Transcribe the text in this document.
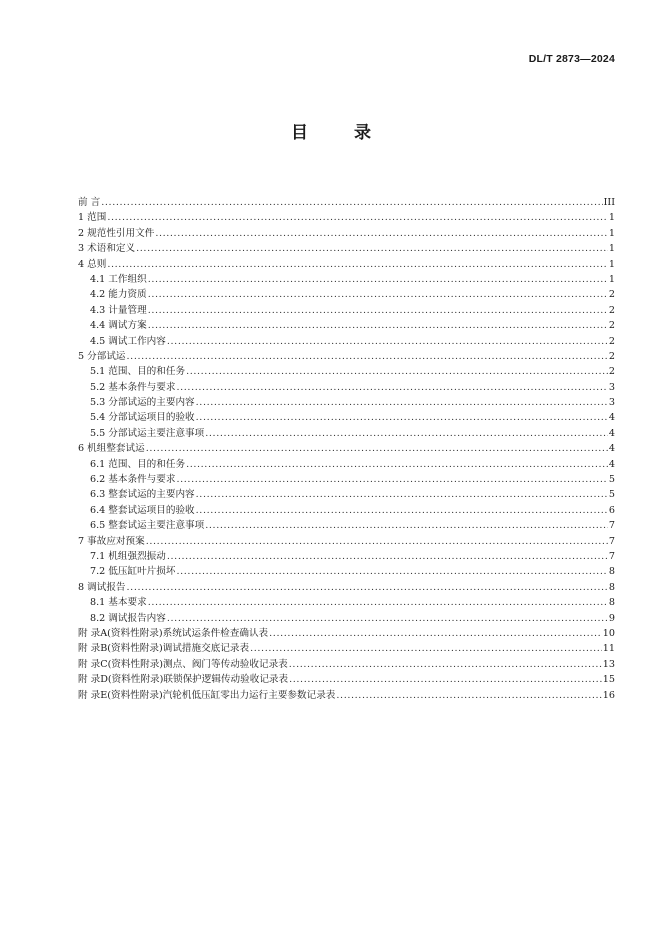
DL/T 2873—2024
目 录
前 言 .....	III
1 范围 .....	1
2 规范性引用文件 .....	1
3 术语和定义 .....	1
4 总则 .....	1
4.1 工作组织 .....	1
4.2 能力资质 .....	2
4.3 计量管理 .....	2
4.4 调试方案 .....	2
4.5 调试工作内容 .....	2
5 分部试运 .....	2
5.1 范围、目的和任务 .....	2
5.2 基本条件与要求 .....	3
5.3 分部试运的主要内容 .....	3
5.4 分部试运项目的验收 .....	4
5.5 分部试运主要注意事项 .....	4
6 机组整套试运 .....	4
6.1 范围、目的和任务 .....	4
6.2 基本条件与要求 .....	5
6.3 整套试运的主要内容 .....	5
6.4 整套试运项目的验收 .....	6
6.5 整套试运主要注意事项 .....	7
7 事故应对预案 .....	7
7.1 机组强烈振动 .....	7
7.2 低压缸叶片损坏 .....	8
8 调试报告 .....	8
8.1 基本要求 .....	8
8.2 调试报告内容 .....	9
附 录A(资料性附录)系统试运条件检查确认表 .....	10
附 录B(资料性附录)调试措施交底记录表 .....	11
附 录C(资料性附录)测点、阀门等传动验收记录表 .....	13
附 录D(资料性附录)联锁保护逻辑传动验收记录表 .....	15
附 录E(资料性附录)汽轮机低压缸零出力运行主要参数记录表 .....	16
